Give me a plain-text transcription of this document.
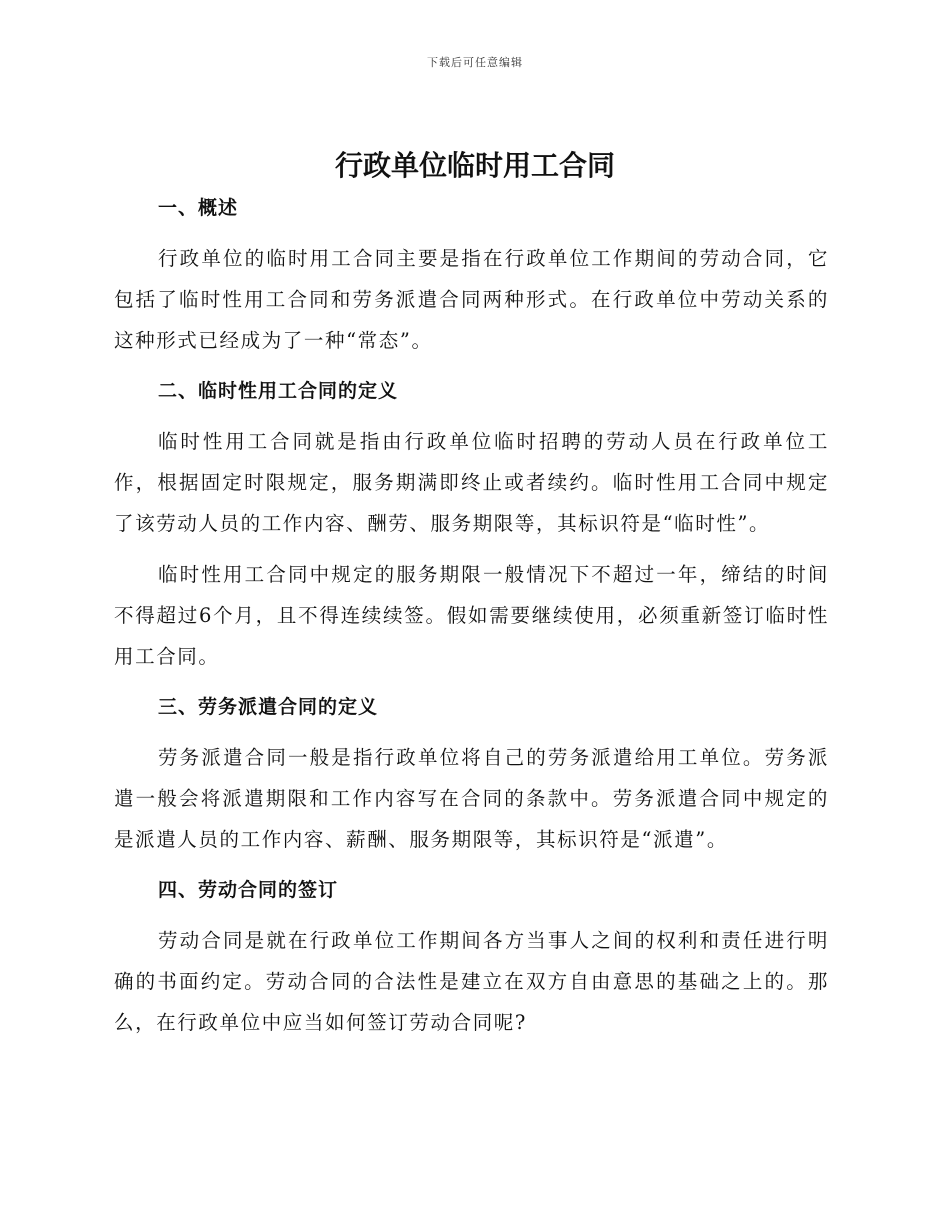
下载后可任意编辑
行政单位临时用工合同
一、概述

行政单位的临时用工合同主要是指在行政单位工作期间的劳动合同，它包括了临时性用工合同和劳务派遣合同两种形式。在行政单位中劳动关系的这种形式已经成为了一种“常态”。

二、临时性用工合同的定义

临时性用工合同就是指由行政单位临时招聘的劳动人员在行政单位工作，根据固定时限规定，服务期满即终止或者续约。临时性用工合同中规定了该劳动人员的工作内容、酬劳、服务期限等，其标识符是“临时性”。

临时性用工合同中规定的服务期限一般情况下不超过一年，缔结的时间不得超过6个月，且不得连续续签。假如需要继续使用，必须重新签订临时性用工合同。

三、劳务派遣合同的定义

劳务派遣合同一般是指行政单位将自己的劳务派遣给用工单位。劳务派遣一般会将派遣期限和工作内容写在合同的条款中。劳务派遣合同中规定的是派遣人员的工作内容、薪酬、服务期限等，其标识符是“派遣”。

四、劳动合同的签订

劳动合同是就在行政单位工作期间各方当事人之间的权利和责任进行明确的书面约定。劳动合同的合法性是建立在双方自由意思的基础之上的。那么，在行政单位中应当如何签订劳动合同呢?
